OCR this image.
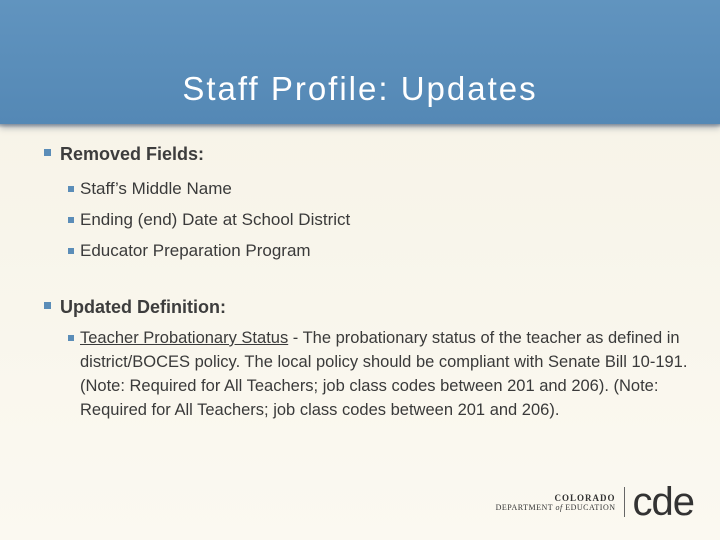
Staff Profile: Updates
Removed Fields:
Staff’s Middle Name
Ending (end) Date at School District
Educator Preparation Program
Updated Definition:
Teacher Probationary Status - The probationary status of the teacher as defined in district/BOCES policy. The local policy should be compliant with Senate Bill 10-191. (Note: Required for All Teachers; job class codes between 201 and 206). (Note: Required for All Teachers; job class codes between 201 and 206).
COLORADO
DEPARTMENT of EDUCATION cde
